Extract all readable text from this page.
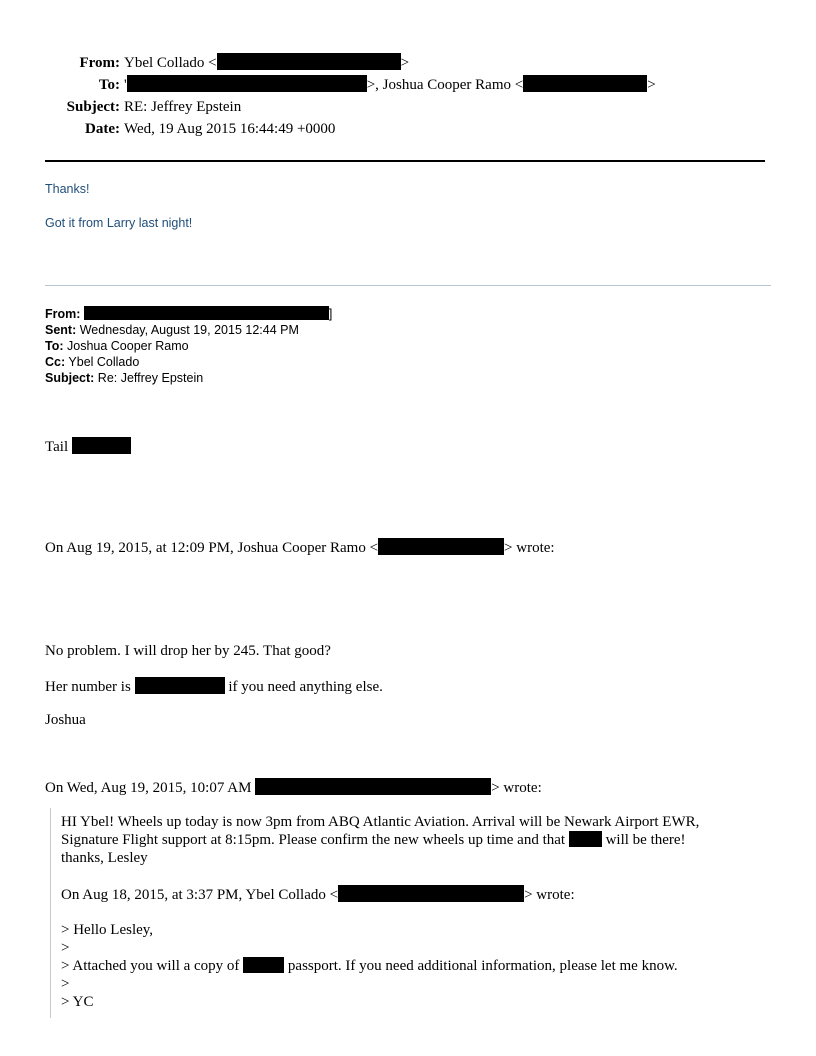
From: Ybel Collado <	>
To: '	>, Joshua Cooper Ramo <	>
Subject: RE: Jeffrey Epstein
Date: Wed, 19 Aug 2015 16:44:49 +0000
Thanks!
Got it from Larry last night!
From:	]
Sent: Wednesday, August 19, 2015 12:44 PM
To: Joshua Cooper Ramo
Cc: Ybel Collado
Subject: Re: Jeffrey Epstein
Tail
On Aug 19, 2015, at 12:09 PM, Joshua Cooper Ramo <	> wrote:
No problem. I will drop her by 245. That good?
Her number is	if you need anything else.
Joshua
On Wed, Aug 19, 2015, 10:07 AM	> wrote:
HI Ybel! Wheels up today is now 3pm from ABQ Atlantic Aviation. Arrival will be Newark Airport EWR,
Signature Flight support at 8:15pm. Please confirm the new wheels up time and that	will be there!
thanks, Lesley
On Aug 18, 2015, at 3:37 PM, Ybel Collado <	> wrote:
> Hello Lesley,
>
> Attached you will a copy of	passport. If you need additional information, please let me know.
>
> YC
